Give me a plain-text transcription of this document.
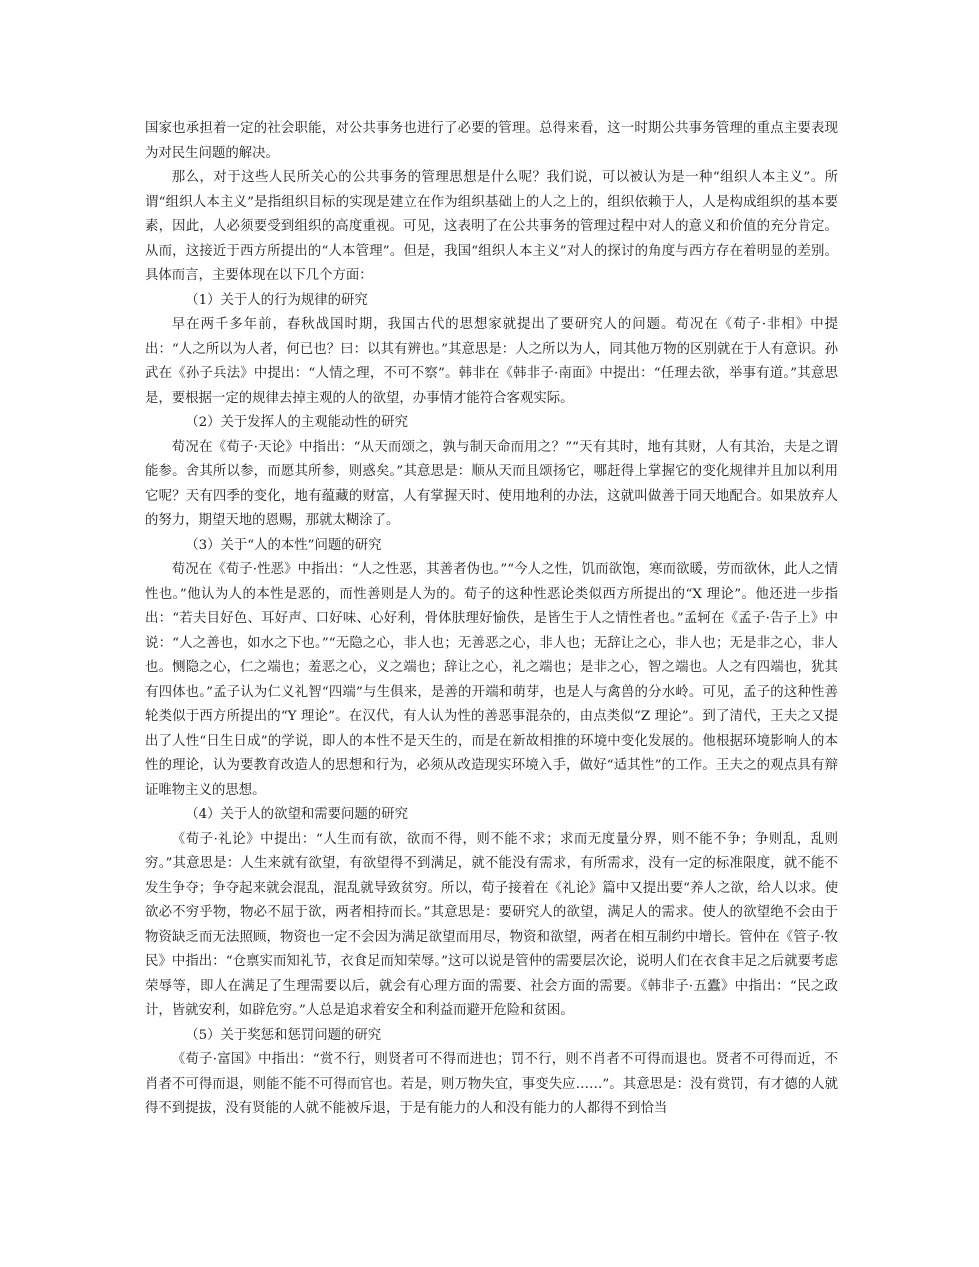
国家也承担着一定的社会职能，对公共事务也进行了必要的管理。总得来看，这一时期公共事务管理的重点主要表现为对民生问题的解决。

那么，对于这些人民所关心的公共事务的管理思想是什么呢？我们说，可以被认为是一种“组织人本主义”。所谓“组织人本主义”是指组织目标的实现是建立在作为组织基础上的人之上的，组织依赖于人，人是构成组织的基本要素，因此，人必须要受到组织的高度重视。可见，这表明了在公共事务的管理过程中对人的意义和价值的充分肯定。从而，这接近于西方所提出的“人本管理”。但是，我国“组织人本主义”对人的探讨的角度与西方存在着明显的差别。具体而言，主要体现在以下几个方面：

（1）关于人的行为规律的研究

早在两千多年前，春秋战国时期，我国古代的思想家就提出了要研究人的问题。荀况在《荀子·非相》中提出：“人之所以为人者，何已也？曰：以其有辨也。”其意思是：人之所以为人，同其他万物的区别就在于人有意识。孙武在《孙子兵法》中提出：“人情之理，不可不察”。韩非在《韩非子·南面》中提出：“任理去欲，举事有道。”其意思是，要根据一定的规律去掉主观的人的欲望，办事情才能符合客观实际。

（2）关于发挥人的主观能动性的研究

荀况在《荀子·天论》中指出：“从天而颂之，孰与制天命而用之？”“天有其时，地有其财，人有其治，夫是之谓能参。舍其所以参，而愿其所参，则惑矣。”其意思是：顺从天而且颂扬它，哪赶得上掌握它的变化规律并且加以利用它呢？天有四季的变化，地有蕴藏的财富，人有掌握天时、使用地利的办法，这就叫做善于同天地配合。如果放弃人的努力，期望天地的恩赐，那就太糊涂了。

（3）关于“人的本性”问题的研究

荀况在《荀子·性恶》中指出：“人之性恶，其善者伪也。”“今人之性，饥而欲饱，寒而欲暖，劳而欲休，此人之情性也。”他认为人的本性是恶的，而性善则是人为的。荀子的这种性恶论类似西方所提出的“X 理论”。他还进一步指出：“若夫目好色、耳好声、口好味、心好利，骨体肤理好愉佚，是皆生于人之情性者也。”孟轲在《孟子·告子上》中说：“人之善也，如水之下也。”“无隐之心，非人也；无善恶之心，非人也；无辞让之心，非人也；无是非之心，非人也。恻隐之心，仁之端也；羞恶之心，义之端也；辞让之心，礼之端也；是非之心，智之端也。人之有四端也，犹其有四体也。”孟子认为仁义礼智“四端”与生俱来，是善的开端和萌芽，也是人与禽兽的分水岭。可见，孟子的这种性善轮类似于西方所提出的“Y 理论”。在汉代，有人认为性的善恶事混杂的，由点类似“Z 理论”。到了清代，王夫之又提出了人性“日生日成”的学说，即人的本性不是天生的，而是在新故相推的环境中变化发展的。他根据环境影响人的本性的理论，认为要教育改造人的思想和行为，必须从改造现实环境入手，做好“适其性”的工作。王夫之的观点具有辩证唯物主义的思想。

（4）关于人的欲望和需要问题的研究

《荀子·礼论》中提出：“人生而有欲，欲而不得，则不能不求；求而无度量分界，则不能不争；争则乱，乱则穷。”其意思是：人生来就有欲望，有欲望得不到满足，就不能没有需求，有所需求，没有一定的标准限度，就不能不发生争夺；争夺起来就会混乱，混乱就导致贫穷。所以，荀子接着在《礼论》篇中又提出要“养人之欲，给人以求。使欲必不穷乎物，物必不屈于欲，两者相持而长。”其意思是：要研究人的欲望，满足人的需求。使人的欲望绝不会由于物资缺乏而无法照顾，物资也一定不会因为满足欲望而用尽，物资和欲望，两者在相互制约中增长。管仲在《管子·牧民》中指出：“仓禀实而知礼节，衣食足而知荣辱。”这可以说是管仲的需要层次论，说明人们在衣食丰足之后就要考虑荣辱等，即人在满足了生理需要以后，就会有心理方面的需要、社会方面的需要。《韩非子·五蠹》中指出：“民之政计，皆就安利，如辟危穷。”人总是追求着安全和利益而避开危险和贫困。

（5）关于奖惩和惩罚问题的研究

《荀子·富国》中指出：“赏不行，则贤者可不得而进也；罚不行，则不肖者不可得而退也。贤者不可得而近，不肖者不可得而退，则能不能不可得而官也。若是，则万物失宜，事变失应……”。其意思是：没有赏罚，有才德的人就得不到提拔，没有贤能的人就不能被斥退，于是有能力的人和没有能力的人都得不到恰当
